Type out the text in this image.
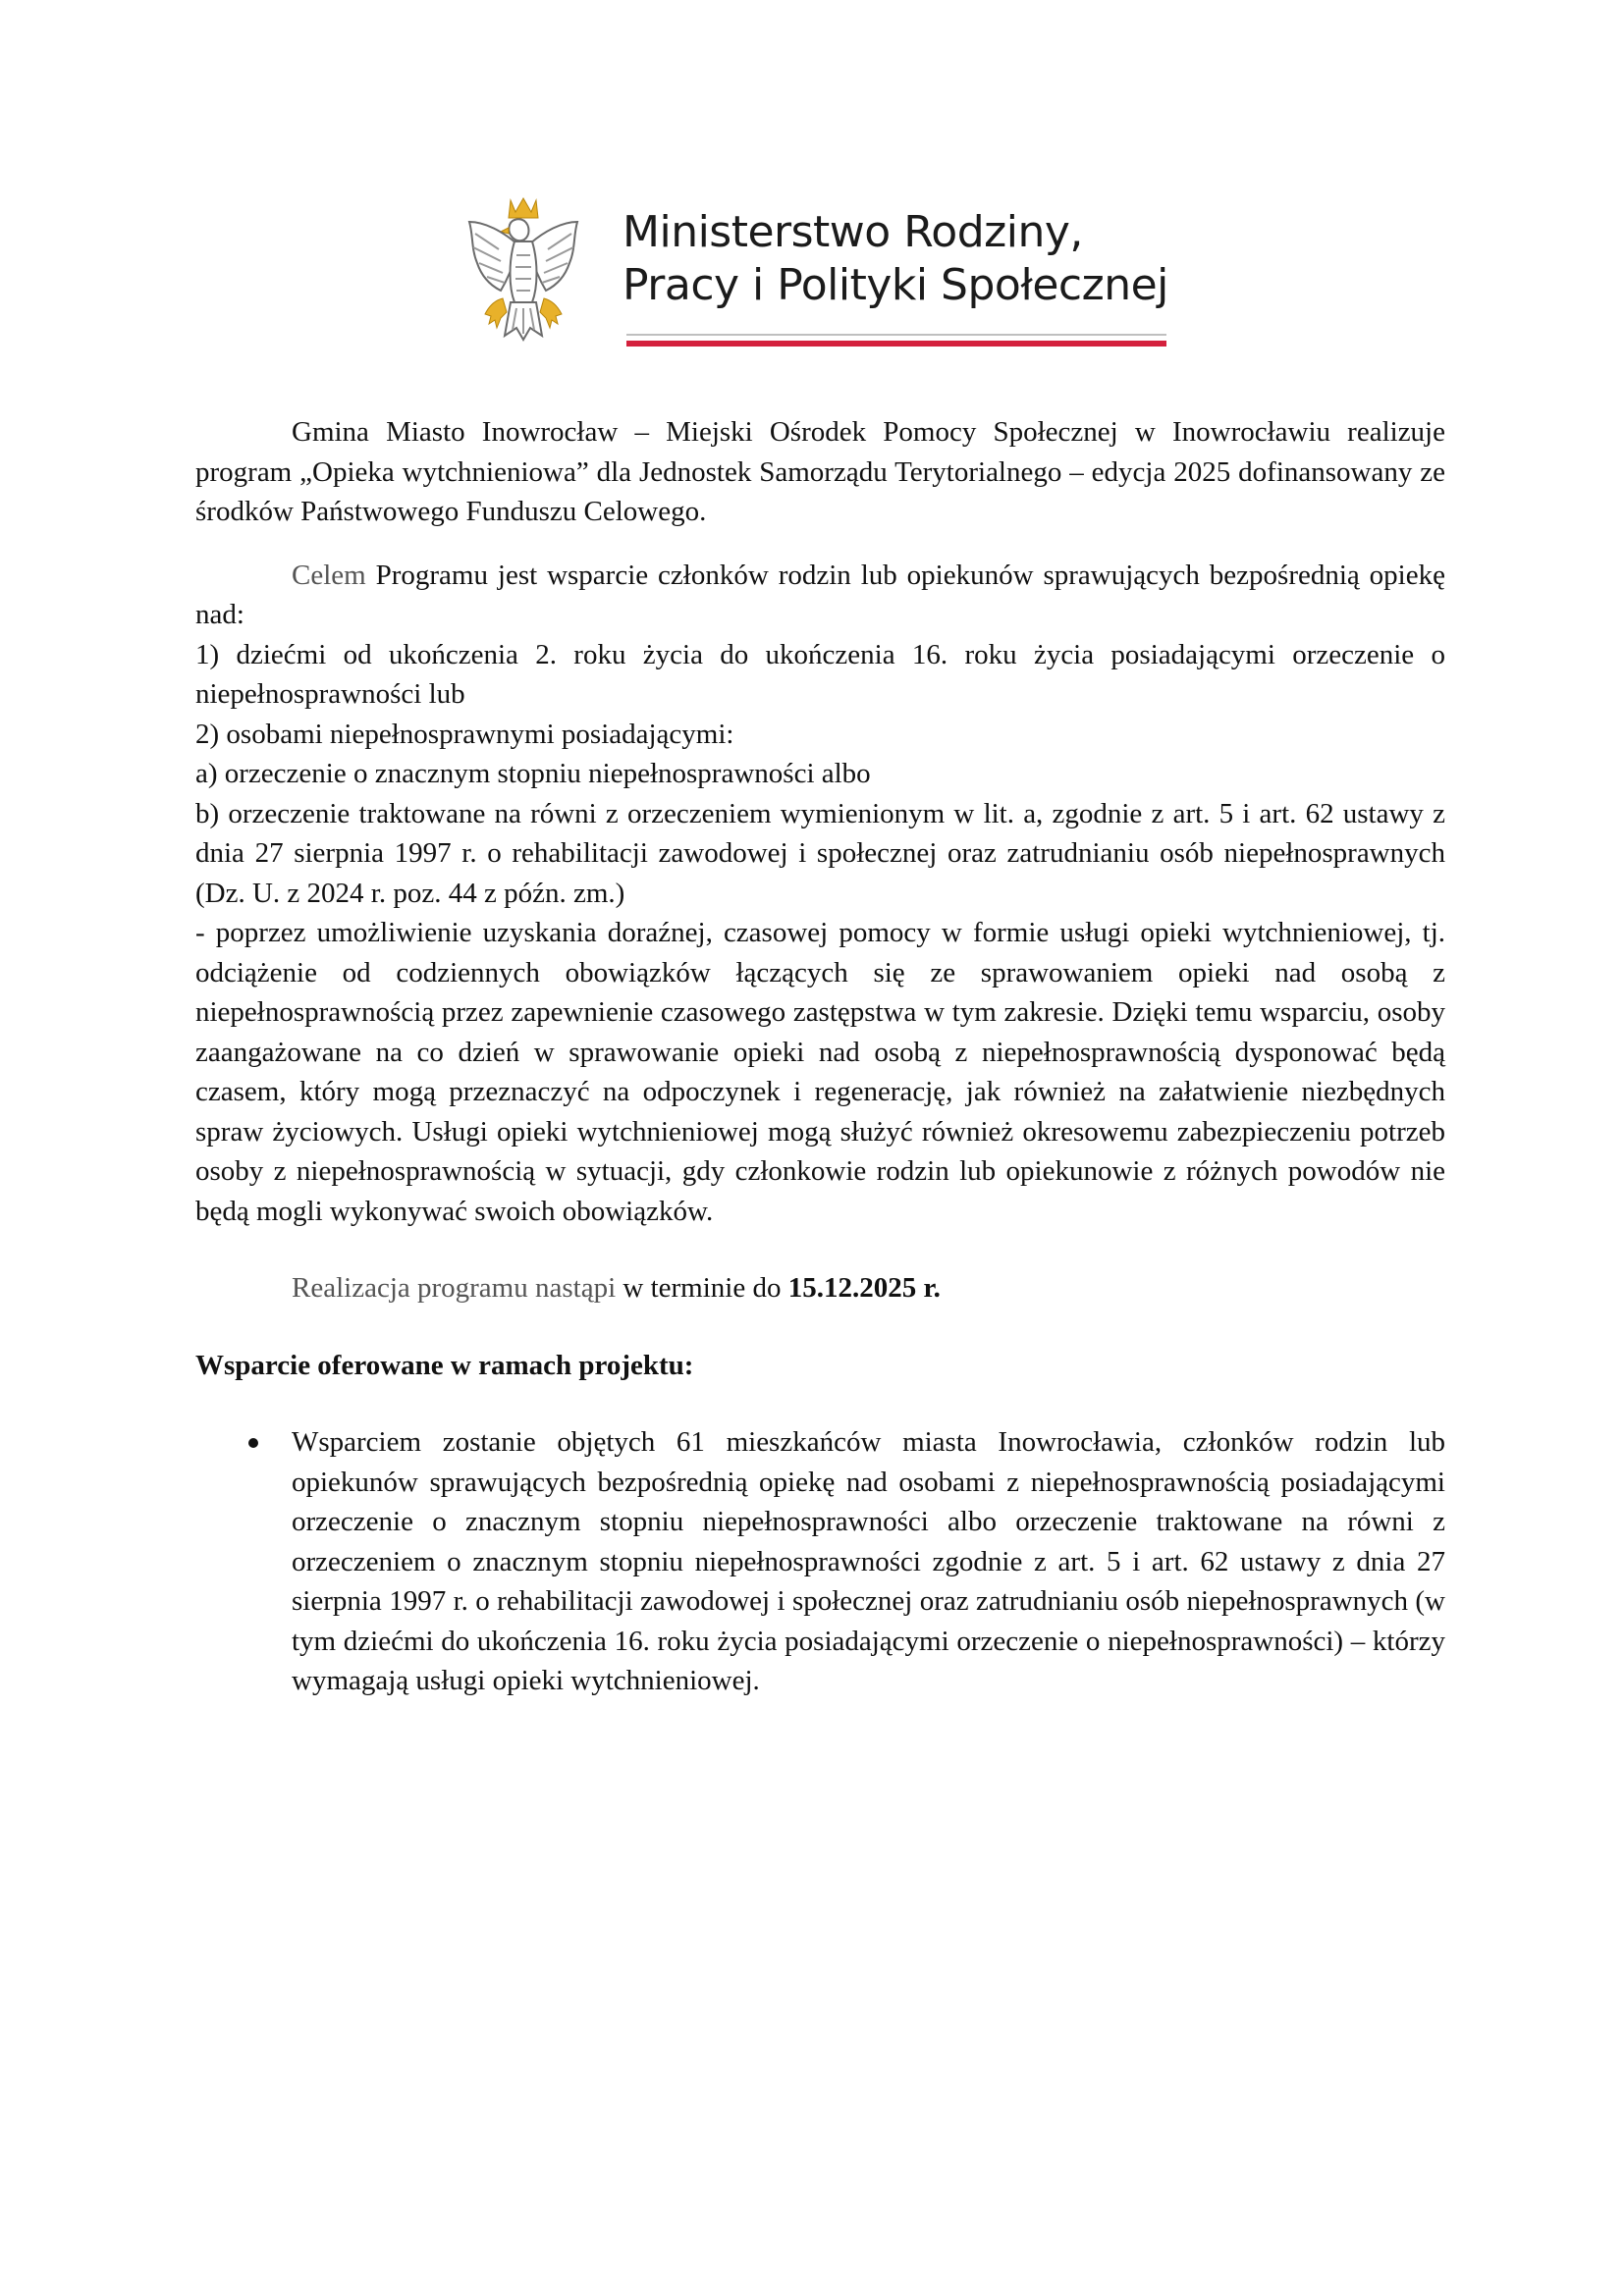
Ministerstwo Rodziny,
Pracy i Polityki Społecznej

Gmina Miasto Inowrocław – Miejski Ośrodek Pomocy Społecznej w Inowrocławiu realizuje program „Opieka wytchnieniowa” dla Jednostek Samorządu Terytorialnego – edycja 2025 dofinansowany ze środków Państwowego Funduszu Celowego.

Celem Programu jest wsparcie członków rodzin lub opiekunów sprawujących bezpośrednią opiekę nad:

1) dziećmi od ukończenia 2. roku życia do ukończenia 16. roku życia posiadającymi orzeczenie o niepełnosprawności lub

2) osobami niepełnosprawnymi posiadającymi:

a) orzeczenie o znacznym stopniu niepełnosprawności albo

b) orzeczenie traktowane na równi z orzeczeniem wymienionym w lit. a, zgodnie z art. 5 i art. 62 ustawy z dnia 27 sierpnia 1997 r. o rehabilitacji zawodowej i społecznej oraz zatrudnianiu osób niepełnosprawnych (Dz. U. z 2024 r. poz. 44 z późn. zm.)

- poprzez umożliwienie uzyskania doraźnej, czasowej pomocy w formie usługi opieki wytchnieniowej, tj. odciążenie od codziennych obowiązków łączących się ze sprawowaniem opieki nad osobą z niepełnosprawnością przez zapewnienie czasowego zastępstwa w tym zakresie. Dzięki temu wsparciu, osoby zaangażowane na co dzień w sprawowanie opieki nad osobą z niepełnosprawnością dysponować będą czasem, który mogą przeznaczyć na odpoczynek i regenerację, jak również na załatwienie niezbędnych spraw życiowych. Usługi opieki wytchnieniowej mogą służyć również okresowemu zabezpieczeniu potrzeb osoby z niepełnosprawnością w sytuacji, gdy członkowie rodzin lub opiekunowie z różnych powodów nie będą mogli wykonywać swoich obowiązków.

Realizacja programu nastąpi w terminie do 15.12.2025 r.

Wsparcie oferowane w ramach projektu:

Wsparciem zostanie objętych 61 mieszkańców miasta Inowrocławia, członków rodzin lub opiekunów sprawujących bezpośrednią opiekę nad osobami z niepełnosprawnością posiadającymi orzeczenie o znacznym stopniu niepełnosprawności albo orzeczenie traktowane na równi z orzeczeniem o znacznym stopniu niepełnosprawności zgodnie z art. 5 i art. 62 ustawy z dnia 27 sierpnia 1997 r. o rehabilitacji zawodowej i społecznej oraz zatrudnianiu osób niepełnosprawnych (w tym dziećmi do ukończenia 16. roku życia posiadającymi orzeczenie o niepełnosprawności) – którzy wymagają usługi opieki wytchnieniowej.
